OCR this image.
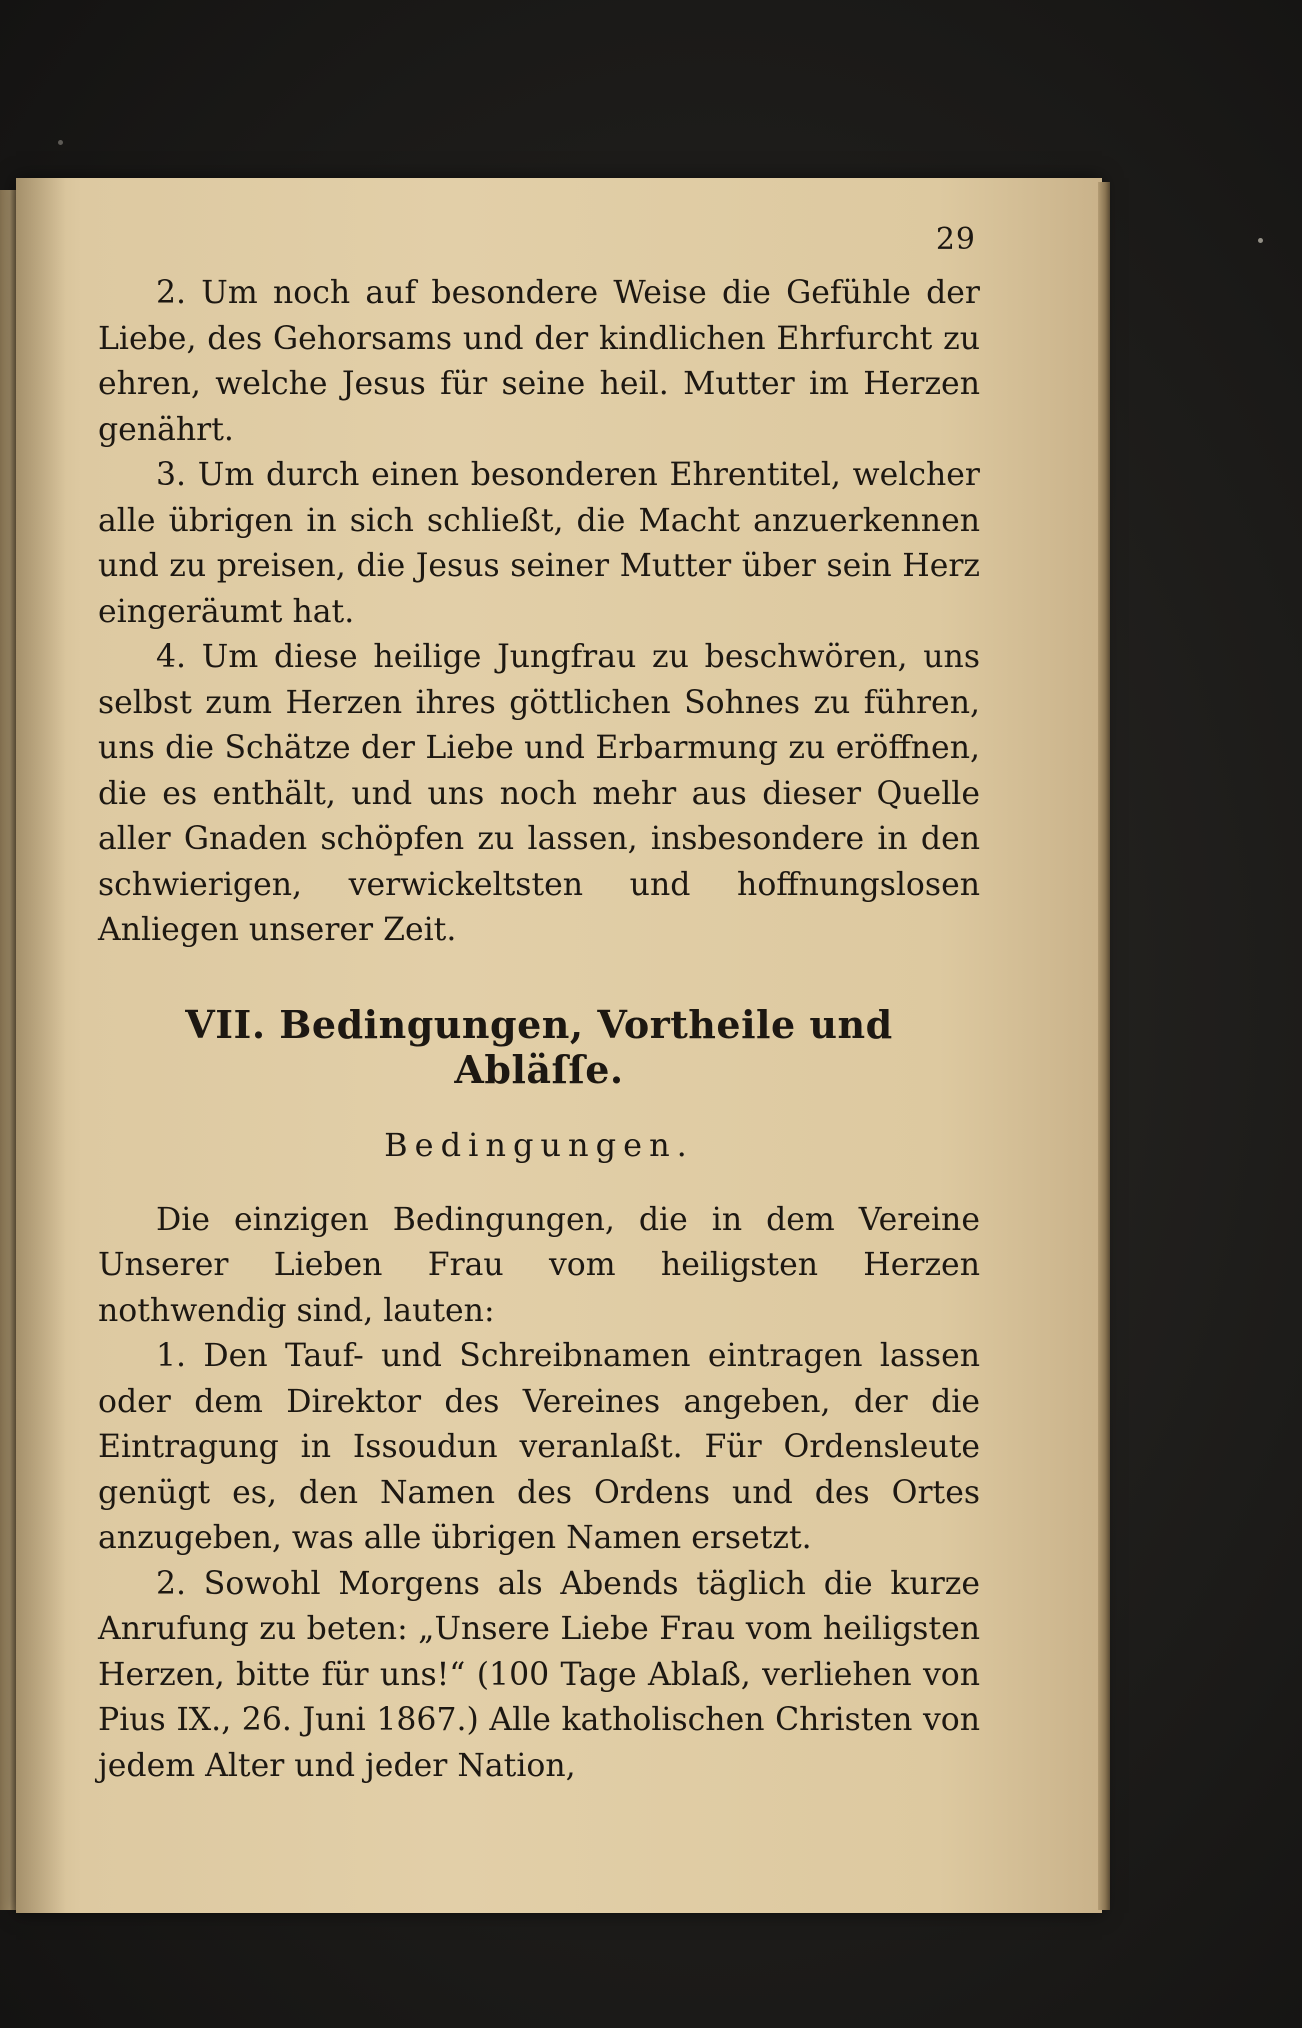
29

2. Um noch auf besondere Weise die Gefühle der Liebe, des Gehorsams und der kindlichen Ehrfurcht zu ehren, welche Jesus für seine heil. Mutter im Herzen genährt.

3. Um durch einen besonderen Ehrentitel, welcher alle übrigen in sich schließt, die Macht anzuerkennen und zu preisen, die Jesus seiner Mutter über sein Herz eingeräumt hat.

4. Um diese heilige Jungfrau zu beschwören, uns selbst zum Herzen ihres göttlichen Sohnes zu führen, uns die Schätze der Liebe und Erbarmung zu eröffnen, die es enthält, und uns noch mehr aus dieser Quelle aller Gnaden schöpfen zu lassen, insbesondere in den schwierigen, verwickeltsten und hoffnungslosen Anliegen unserer Zeit.

VII. Bedingungen, Vortheile und Abläſſe.
Bedingungen.

Die einzigen Bedingungen, die in dem Vereine Unserer Lieben Frau vom heiligsten Herzen nothwendig sind, lauten:

1. Den Tauf- und Schreibnamen eintragen lassen oder dem Direktor des Vereines angeben, der die Eintragung in Issoudun veranlaßt. Für Ordensleute genügt es, den Namen des Ordens und des Ortes anzugeben, was alle übrigen Namen ersetzt.

2. Sowohl Morgens als Abends täglich die kurze Anrufung zu beten: „Unsere Liebe Frau vom heiligsten Herzen, bitte für uns!“ (100 Tage Ablaß, verliehen von Pius IX., 26. Juni 1867.) Alle katholischen Christen von jedem Alter und jeder Nation,
